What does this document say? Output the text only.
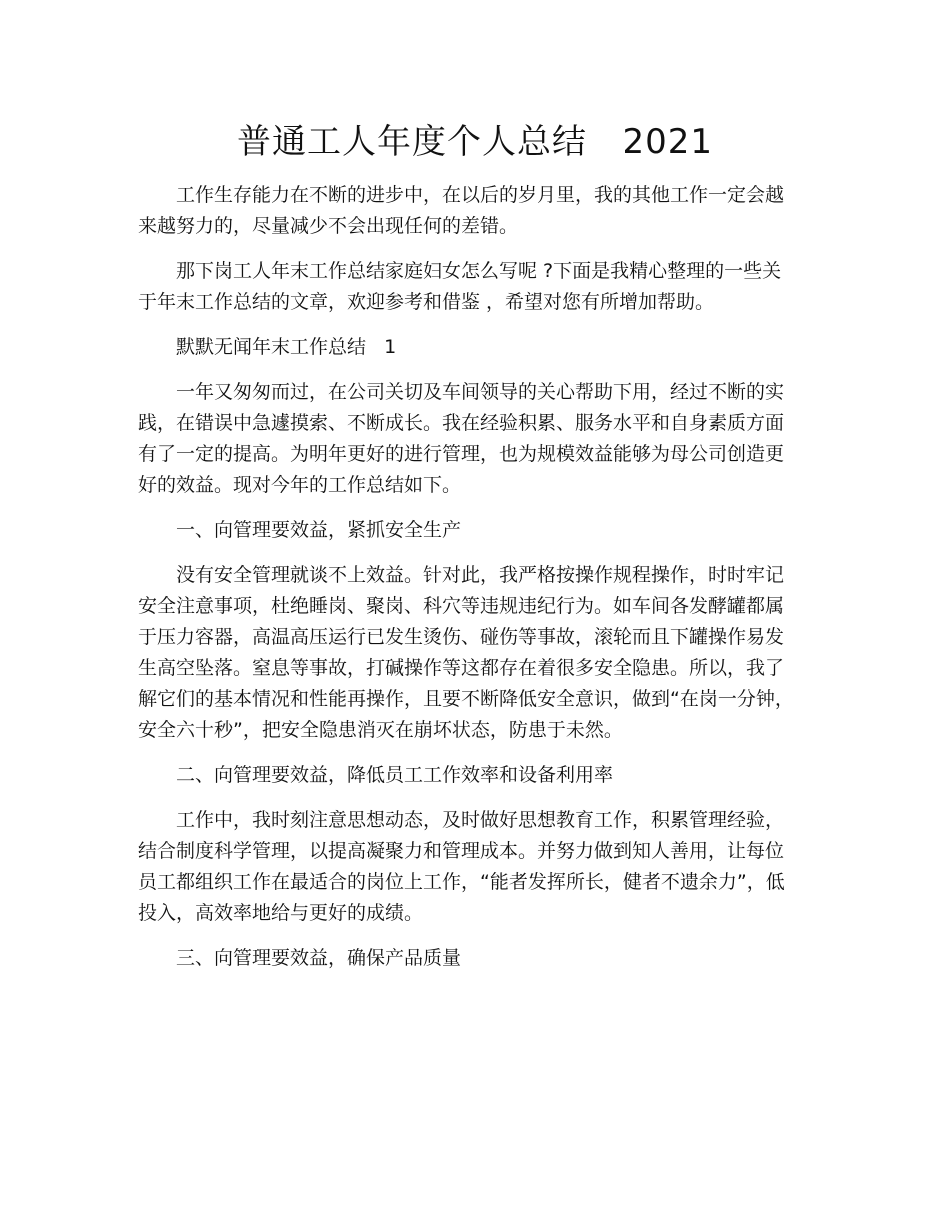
普通工人年度个人总结   2021

工作生存能力在不断的进步中，在以后的岁月里，我的其他工作一定会越来越努力的，尽量减少不会出现任何的差错。

那下岗工人年末工作总结家庭妇女怎么写呢 ?下面是我精心整理的一些关于年末工作总结的文章，欢迎参考和借鉴 ，希望对您有所增加帮助。

默默无闻年末工作总结   1

一年又匆匆而过，在公司关切及车间领导的关心帮助下用，经过不断的实践，在错误中急遽摸索、不断成长。我在经验积累、服务水平和自身素质方面有了一定的提高。为明年更好的进行管理，也为规模效益能够为母公司创造更好的效益。现对今年的工作总结如下。

一、向管理要效益，紧抓安全生产

没有安全管理就谈不上效益。针对此，我严格按操作规程操作，时时牢记安全注意事项，杜绝睡岗、聚岗、科穴等违规违纪行为。如车间各发酵罐都属于压力容器，高温高压运行已发生烫伤、碰伤等事故，滚轮而且下罐操作易发生高空坠落。窒息等事故，打碱操作等这都存在着很多安全隐患。所以，我了解它们的基本情况和性能再操作，且要不断降低安全意识，做到“在岗一分钟，安全六十秒”，把安全隐患消灭在崩坏状态，防患于未然。

二、向管理要效益，降低员工工作效率和设备利用率

工作中，我时刻注意思想动态，及时做好思想教育工作，积累管理经验，结合制度科学管理，以提高凝聚力和管理成本。并努力做到知人善用，让每位员工都组织工作在最适合的岗位上工作，“能者发挥所长，健者不遗余力”，低投入，高效率地给与更好的成绩。

三、向管理要效益，确保产品质量
